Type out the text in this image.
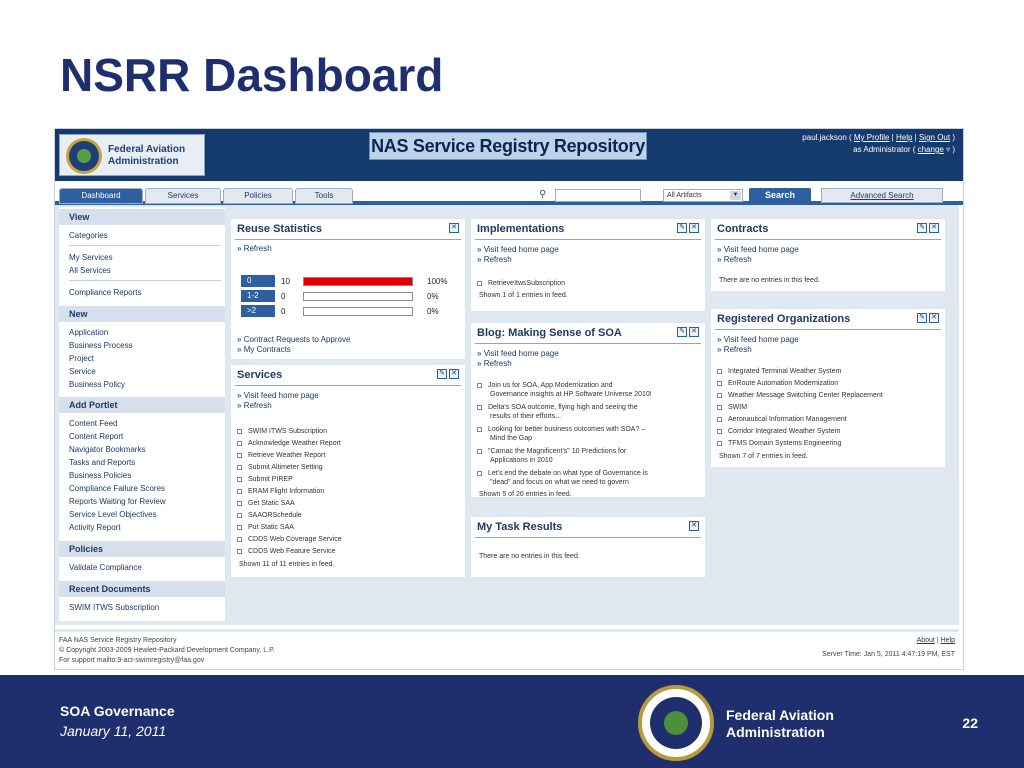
NSRR Dashboard
Federal Aviation Administration
NAS Service Registry Repository	paul.jackson ( My Profile | Help | Sign Out )
as Administrator ( change ▿ )
Dashboard	Services	Policies	Tools	⚲	All Artifacts	▼	Search	Advanced Search
View
Categories
My Services
All Services
Compliance Reports
New
Application
Business Process
Project
Service
Business Policy
Add Portlet
Content Feed
Content Report
Navigator Bookmarks
Tasks and Reports
Business Policies
Compliance Failure Scores
Reports Waiting for Review
Service Level Objectives
Activity Report
Policies
Validate Compliance
Recent Documents
SWIM ITWS Subscription
Reuse Statistics	✕
» Refresh
0	10	100%
1-2	0	0%
>2	0	0%
» Contract Requests to Approve
» My Contracts
Services	✎ ✕
» Visit feed home page
» Refresh
SWIM ITWS Subscription
Acknowledge Weather Report
Retrieve Weather Report
Submit Altimeter Setting
Submit PIREP
ERAM Flight Information
Get Static SAA
SAAORSchedule
Put Static SAA
CDDS Web Coverage Service
CDDS Web Feature Service
Shown 11 of 11 entries in feed.
Implementations	✎ ✕
» Visit feed home page
» Refresh
RetrieveItwsSubscription
Shown 1 of 1 entries in feed.
Blog: Making Sense of SOA	✎ ✕
» Visit feed home page
» Refresh
Join us for SOA, App Modernization and
Governance insights at HP Software Universe 2010!
Delta's SOA outcome, flying high and seeing the
results of their efforts...
Looking for better business outcomes with SOA? –
Mind the Gap
"Carnac the Magnificent's" 10 Predictions for
Applications in 2010
Let's end the debate on what type of Governance is
"dead" and focus on what we need to govern
Shown 5 of 20 entries in feed.
My Task Results	✕
There are no entries in this feed.
Contracts	✎ ✕
» Visit feed home page
» Refresh
There are no entries in this feed.
Registered Organizations	✎ ✕
» Visit feed home page
» Refresh
Integrated Terminal Weather System
EnRoute Automation Modernization
Weather Message Switching Center Replacement
SWIM
Aeronautical Information Management
Corridor Integrated Weather System
TFMS Domain Systems Engineering
Shown 7 of 7 entries in feed.
FAA NAS Service Registry Repository
© Copyright 2003-2009 Hewlett-Packard Development Company, L.P.
For support mailto:9-act-swimregistry@faa.gov
About | Help
Server Time: Jan 5, 2011 4:47:19 PM, EST
SOA Governance
January 11, 2011
Federal Aviation Administration
22
